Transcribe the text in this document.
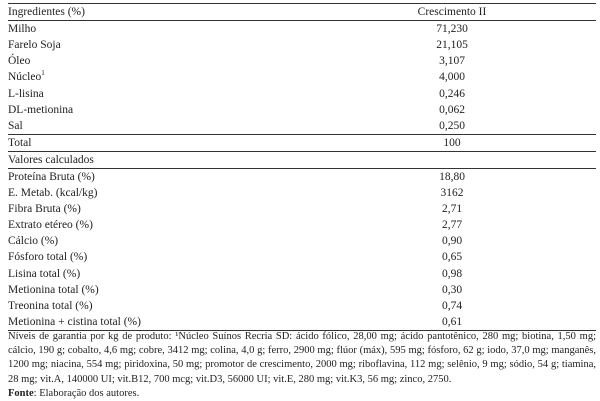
Ingredientes (%)	Crescimento II
Milho	71,230
Farelo Soja	21,105
Óleo	3,107
Núcleo$^1$	4,000
L-lisina	0,246
DL-metionina	0,062
Sal	0,250
Total	100
Valores calculados	
Proteína Bruta (%)	18,80
E. Metab. (kcal/kg)	3162
Fibra Bruta (%)	2,71
Extrato etéreo (%)	2,77
Cálcio (%)	0,90
Fósforo total (%)	0,65
Lisina total (%)	0,98
Metionina total (%)	0,30
Treonina total (%)	0,74
Metionina + cistina total (%)	0,61

Níveis de garantia por kg de produto: ¹Núcleo Suínos Recria SD: ácido fólico, 28,00 mg; ácido pantotênico, 280 mg; biotina, 1,50 mg; cálcio, 190 g; cobalto, 4,6 mg; cobre, 3412 mg; colina, 4,0 g; ferro, 2900 mg; flúor (máx), 595 mg; fósforo, 62 g; iodo, 37,0 mg; manganês, 1200 mg; niacina, 554 mg; piridoxina, 50 mg; promotor de crescimento, 2000 mg; riboflavina, 112 mg; selênio, 9 mg; sódio, 54 g; tiamina, 28 mg; vit.A, 140000 UI; vit.B12, 700 mcg; vit.D3, 56000 UI; vit.E, 280 mg; vit.K3, 56 mg; zinco, 2750.

Fonte: Elaboração dos autores.
